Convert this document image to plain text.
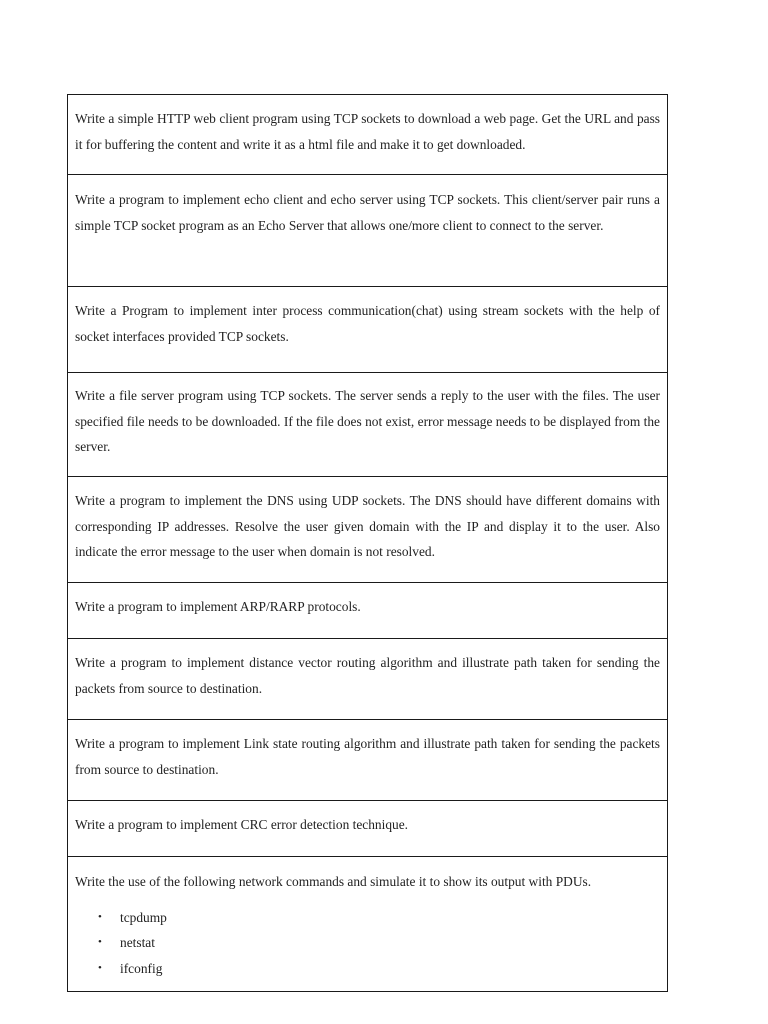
Write a simple HTTP web client program using TCP sockets to download a web page. Get the URL and pass it for buffering the content and write it as a html file and make it to get downloaded.

Write a program to implement echo client and echo server using TCP sockets. This client/server pair runs a simple TCP socket program as an Echo Server that allows one/more client to connect to the server.

Write a Program to implement inter process communication(chat) using stream sockets with the help of socket interfaces provided TCP sockets.

Write a file server program using TCP sockets. The server sends a reply to the user with the files. The user specified file needs to be downloaded. If the file does not exist, error message needs to be displayed from the server.

Write a program to implement the DNS using UDP sockets. The DNS should have different domains with corresponding IP addresses. Resolve the user given domain with the IP and display it to the user. Also indicate the error message to the user when domain is not resolved.

Write a program to implement ARP/RARP protocols.

Write a program to implement distance vector routing algorithm and illustrate path taken for sending the packets from source to destination.

Write a program to implement Link state routing algorithm and illustrate path taken for sending the packets from source to destination.

Write a program to implement CRC error detection technique.

Write the use of the following network commands and simulate it to show its output with PDUs.
• tcpdump
• netstat
• ifconfig
